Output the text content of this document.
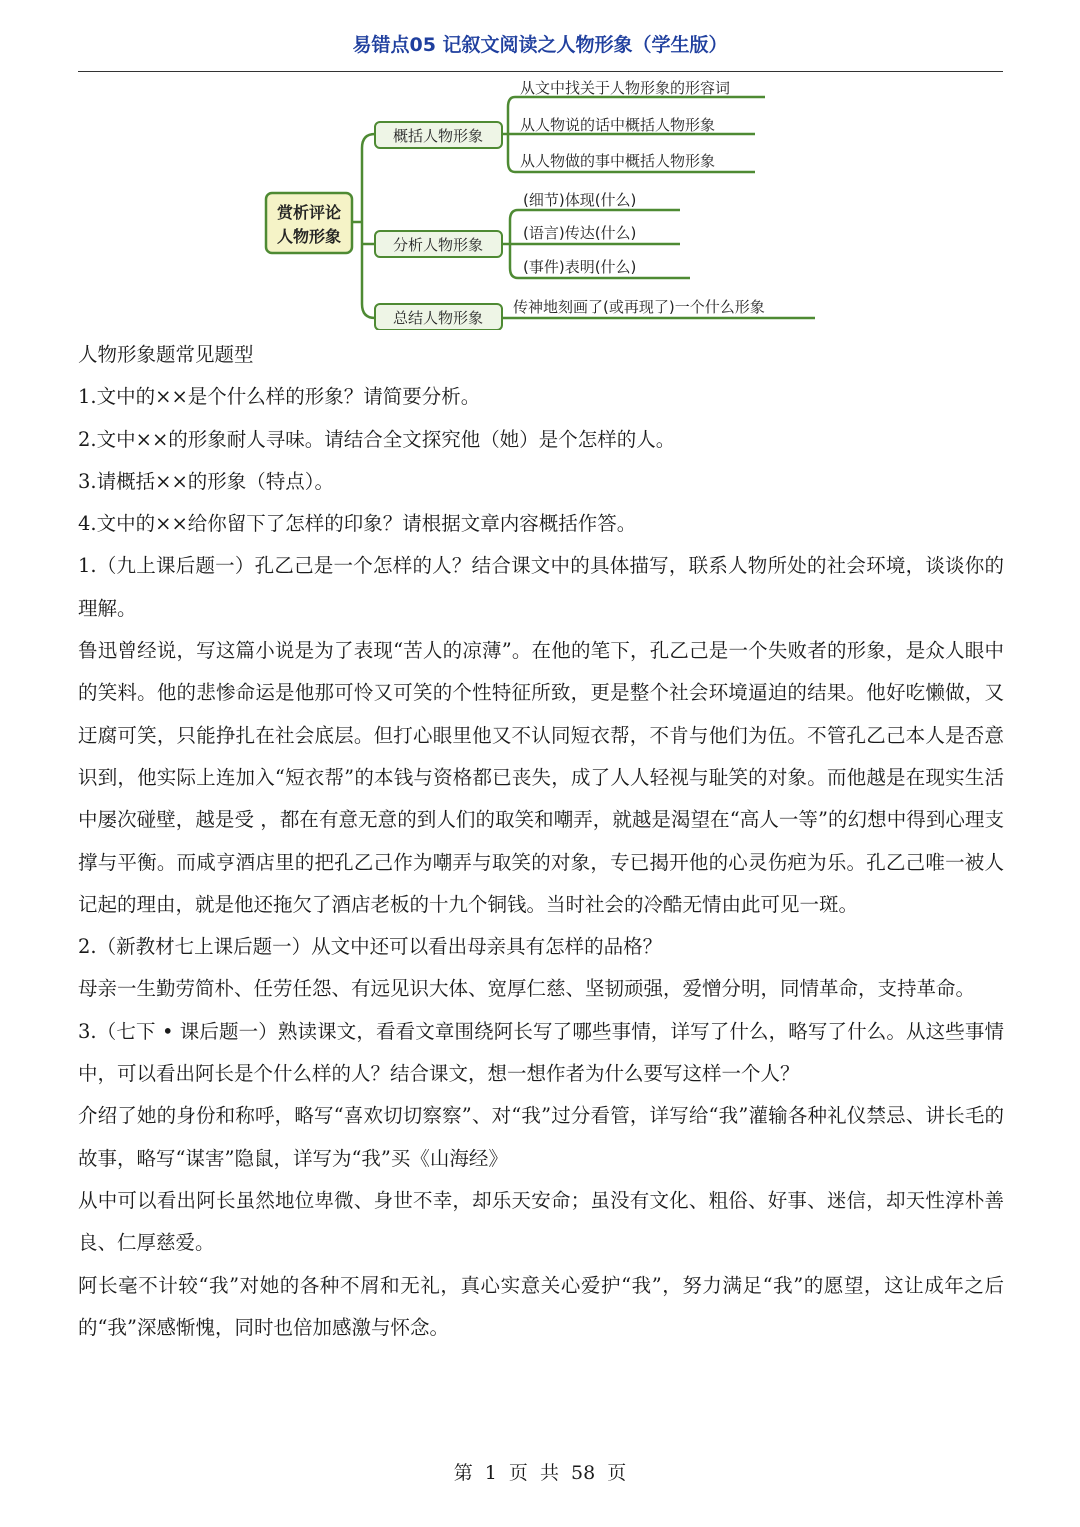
易错点05 记叙文阅读之人物形象（学生版）
赏析评论
人物形象
概括人物形象
分析人物形象
总结人物形象
从文中找关于人物形象的形容词
从人物说的话中概括人物形象
从人物做的事中概括人物形象
(细节)体现(什么)
(语言)传达(什么)
(事件)表明(什么)
传神地刻画了(或再现了)一个什么形象

人物形象题常见题型

1.文中的××是个什么样的形象？请简要分析。

2.文中××的形象耐人寻味。请结合全文探究他（她）是个怎样的人。

3.请概括××的形象（特点）。

4.文中的××给你留下了怎样的印象？请根据文章内容概括作答。

1.（九上课后题一）孔乙己是一个怎样的人？结合课文中的具体描写，联系人物所处的社会环境，谈谈你的理解。

鲁迅曾经说，写这篇小说是为了表现“苦人的凉薄”。在他的笔下，孔乙己是一个失败者的形象，是众人眼中的笑料。他的悲惨命运是他那可怜又可笑的个性特征所致，更是整个社会环境逼迫的结果。他好吃懒做，又迂腐可笑，只能挣扎在社会底层。但打心眼里他又不认同短衣帮，不肯与他们为伍。不管孔乙己本人是否意识到，他实际上连加入“短衣帮”的本钱与资格都已丧失，成了人人轻视与耻笑的对象。而他越是在现实生活中屡次碰壁，越是受 ，都在有意无意的到人们的取笑和嘲弄，就越是渴望在“高人一等”的幻想中得到心理支撑与平衡。而咸亨酒店里的把孔乙己作为嘲弄与取笑的对象，专已揭开他的心灵伤疤为乐。孔乙己唯一被人记起的理由，就是他还拖欠了酒店老板的十九个铜钱。当时社会的冷酷无情由此可见一斑。

2.（新教材七上课后题一）从文中还可以看出母亲具有怎样的品格？

母亲一生勤劳简朴、任劳任怨、有远见识大体、宽厚仁慈、坚韧顽强，爱憎分明，同情革命，支持革命。

3.（七下 • 课后题一）熟读课文，看看文章围绕阿长写了哪些事情，详写了什么，略写了什么。从这些事情中，可以看出阿长是个什么样的人？结合课文，想一想作者为什么要写这样一个人？

介绍了她的身份和称呼，略写“喜欢切切察察”、对“我”过分看管，详写给“我”灌输各种礼仪禁忌、讲长毛的故事，略写“谋害”隐鼠，详写为“我”买《山海经》

从中可以看出阿长虽然地位卑微、身世不幸，却乐天安命；虽没有文化、粗俗、好事、迷信，却天性淳朴善良、仁厚慈爱。

阿长毫不计较“我”对她的各种不屑和无礼，真心实意关心爱护“我”，努力满足“我”的愿望，这让成年之后的“我”深感惭愧，同时也倍加感激与怀念。

第 1 页 共 58 页
